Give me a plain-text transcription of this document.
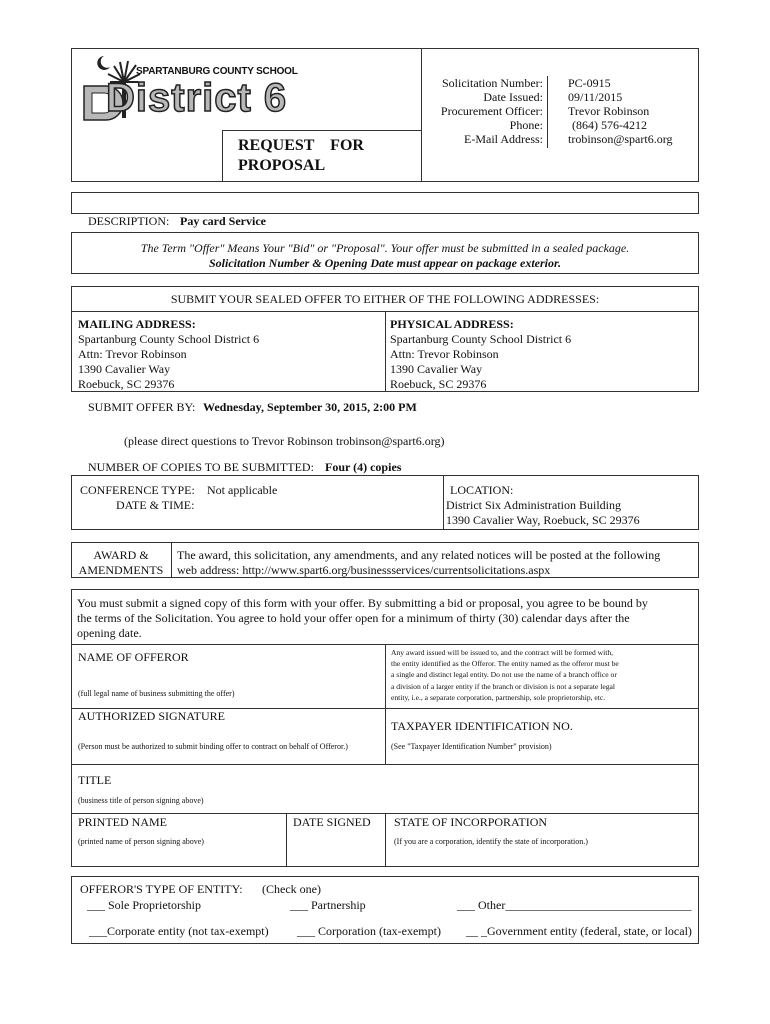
SPARTANBURG COUNTY SCHOOL
District 6
REQUEST    FOR
PROPOSAL
Solicitation Number: PC-0915
Date Issued: 09/11/2015
Procurement Officer: Trevor Robinson
Phone: (864) 576-4212
E-Mail Address: trobinson@spart6.org
DESCRIPTION: Pay card Service
The Term "Offer" Means Your "Bid" or "Proposal". Your offer must be submitted in a sealed package.
Solicitation Number & Opening Date must appear on package exterior.
SUBMIT YOUR SEALED OFFER TO EITHER OF THE FOLLOWING ADDRESSES:
MAILING ADDRESS:
Spartanburg County School District 6
Attn: Trevor Robinson
1390 Cavalier Way
Roebuck, SC 29376
PHYSICAL ADDRESS:
Spartanburg County School District 6
Attn: Trevor Robinson
1390 Cavalier Way
Roebuck, SC 29376
SUBMIT OFFER BY: Wednesday, September 30, 2015, 2:00 PM
(please direct questions to Trevor Robinson trobinson@spart6.org)
NUMBER OF COPIES TO BE SUBMITTED: Four (4) copies
CONFERENCE TYPE: Not applicable
DATE & TIME:
LOCATION:
District Six Administration Building
1390 Cavalier Way, Roebuck, SC 29376
AWARD &
AMENDMENTS
The award, this solicitation, any amendments, and any related notices will be posted at the following
web address: http://www.spart6.org/businessservices/currentsolicitations.aspx
You must submit a signed copy of this form with your offer. By submitting a bid or proposal, you agree to be bound by
the terms of the Solicitation. You agree to hold your offer open for a minimum of thirty (30) calendar days after the
opening date.
NAME OF OFFEROR
(full legal name of business submitting the offer)
Any award issued will be issued to, and the contract will be formed with,
the entity identified as the Offeror. The entity named as the offeror must be
a single and distinct legal entity. Do not use the name of a branch office or
a division of a larger entity if the branch or division is not a separate legal
entity, i.e., a separate corporation, partnership, sole proprietorship, etc.
AUTHORIZED SIGNATURE
(Person must be authorized to submit binding offer to contract on behalf of Offeror.)
TAXPAYER IDENTIFICATION NO.
(See "Taxpayer Identification Number" provision)
TITLE
(business title of person signing above)
PRINTED NAME
(printed name of person signing above)
DATE SIGNED STATE OF INCORPORATION
(If you are a corporation, identify the state of incorporation.)
OFFEROR'S TYPE OF ENTITY: (Check one)
___ Sole Proprietorship	___ Partnership	___ Other_______________________________
___Corporate entity (not tax-exempt) ___ Corporation (tax-exempt) __ _Government entity (federal, state, or local)
